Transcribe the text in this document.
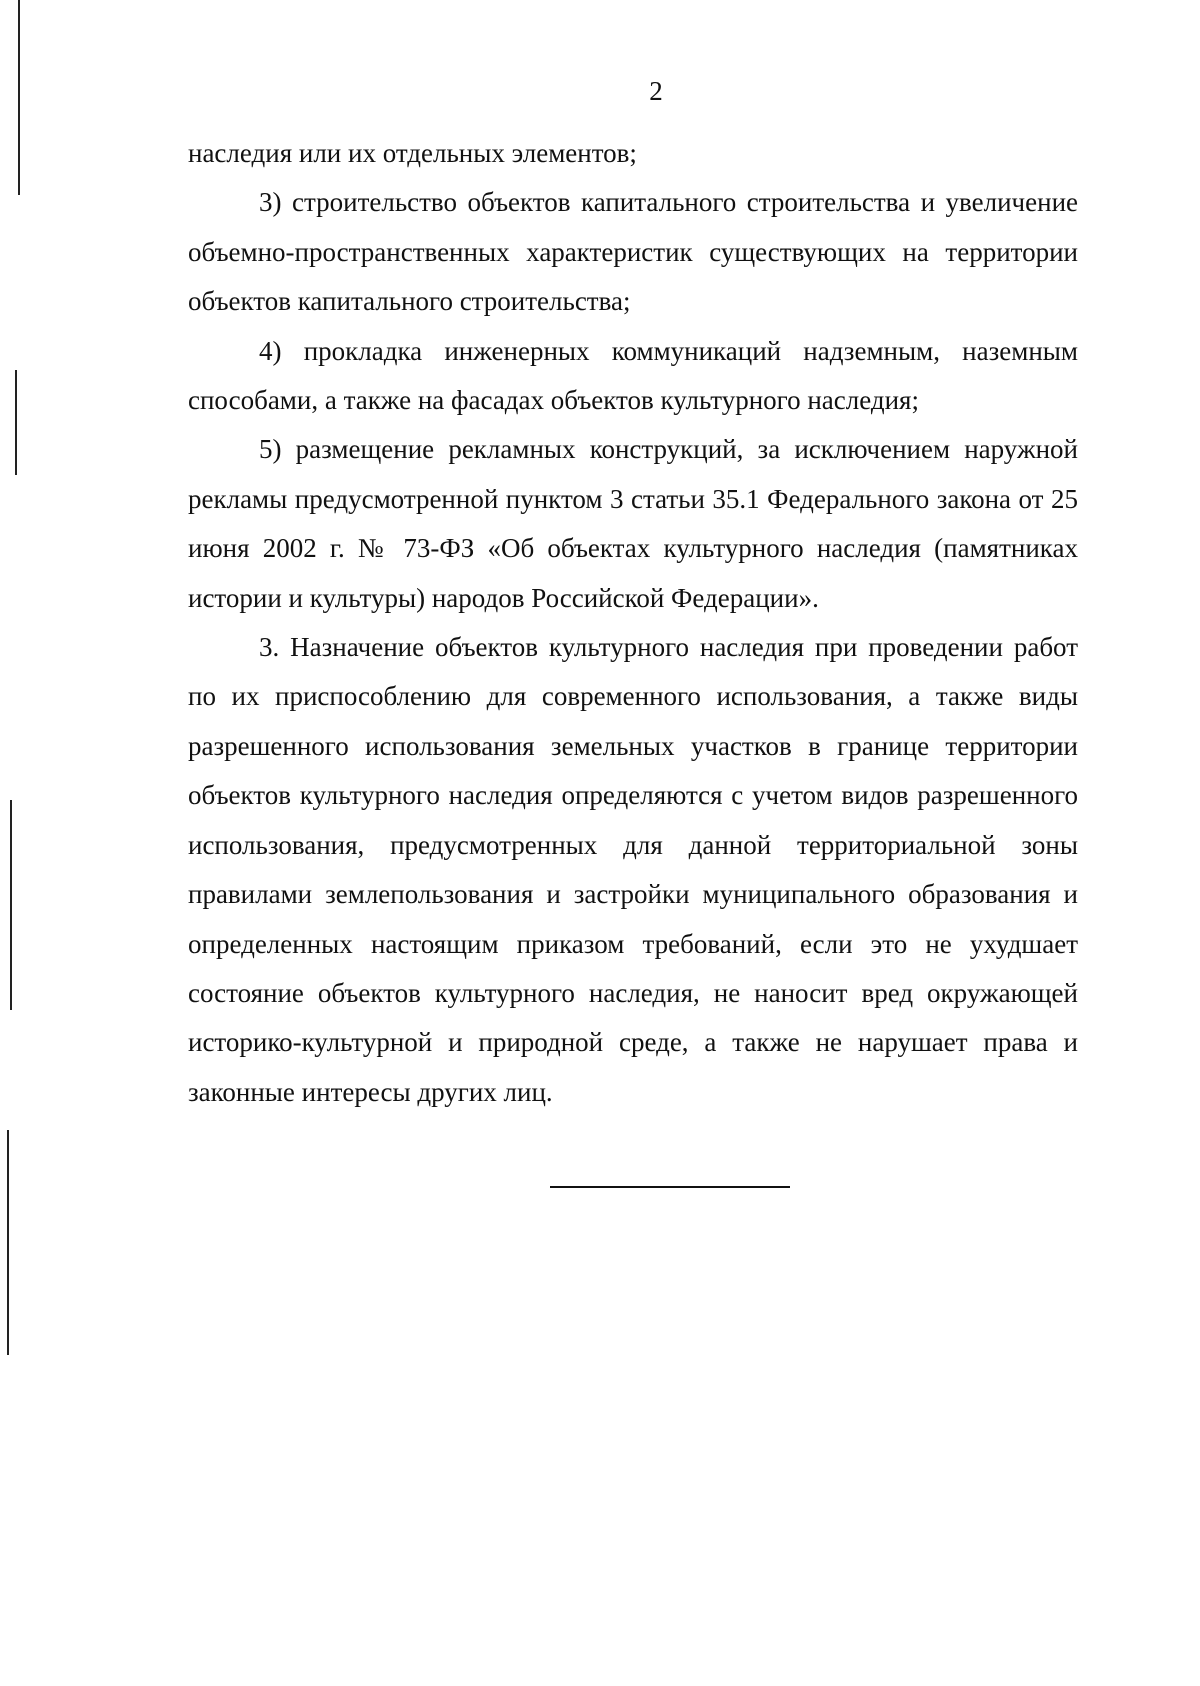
2

наследия или их отдельных элементов;

3) строительство объектов капитального строительства и увеличение объемно-пространственных характеристик существующих на территории объектов капитального строительства;

4) прокладка инженерных коммуникаций надземным, наземным способами, а также на фасадах объектов культурного наследия;

5) размещение рекламных конструкций, за исключением наружной рекламы предусмотренной пунктом 3 статьи 35.1 Федерального закона от 25 июня 2002 г. № 73-ФЗ «Об объектах культурного наследия (памятниках истории и культуры) народов Российской Федерации».

3. Назначение объектов культурного наследия при проведении работ по их приспособлению для современного использования, а также виды разрешенного использования земельных участков в границе территории объектов культурного наследия определяются с учетом видов разрешенного использования, предусмотренных для данной территориальной зоны правилами землепользования и застройки муниципального образования и определенных настоящим приказом требований, если это не ухудшает состояние объектов культурного наследия, не наносит вред окружающей историко-культурной и природной среде, а также не нарушает права и законные интересы других лиц.
